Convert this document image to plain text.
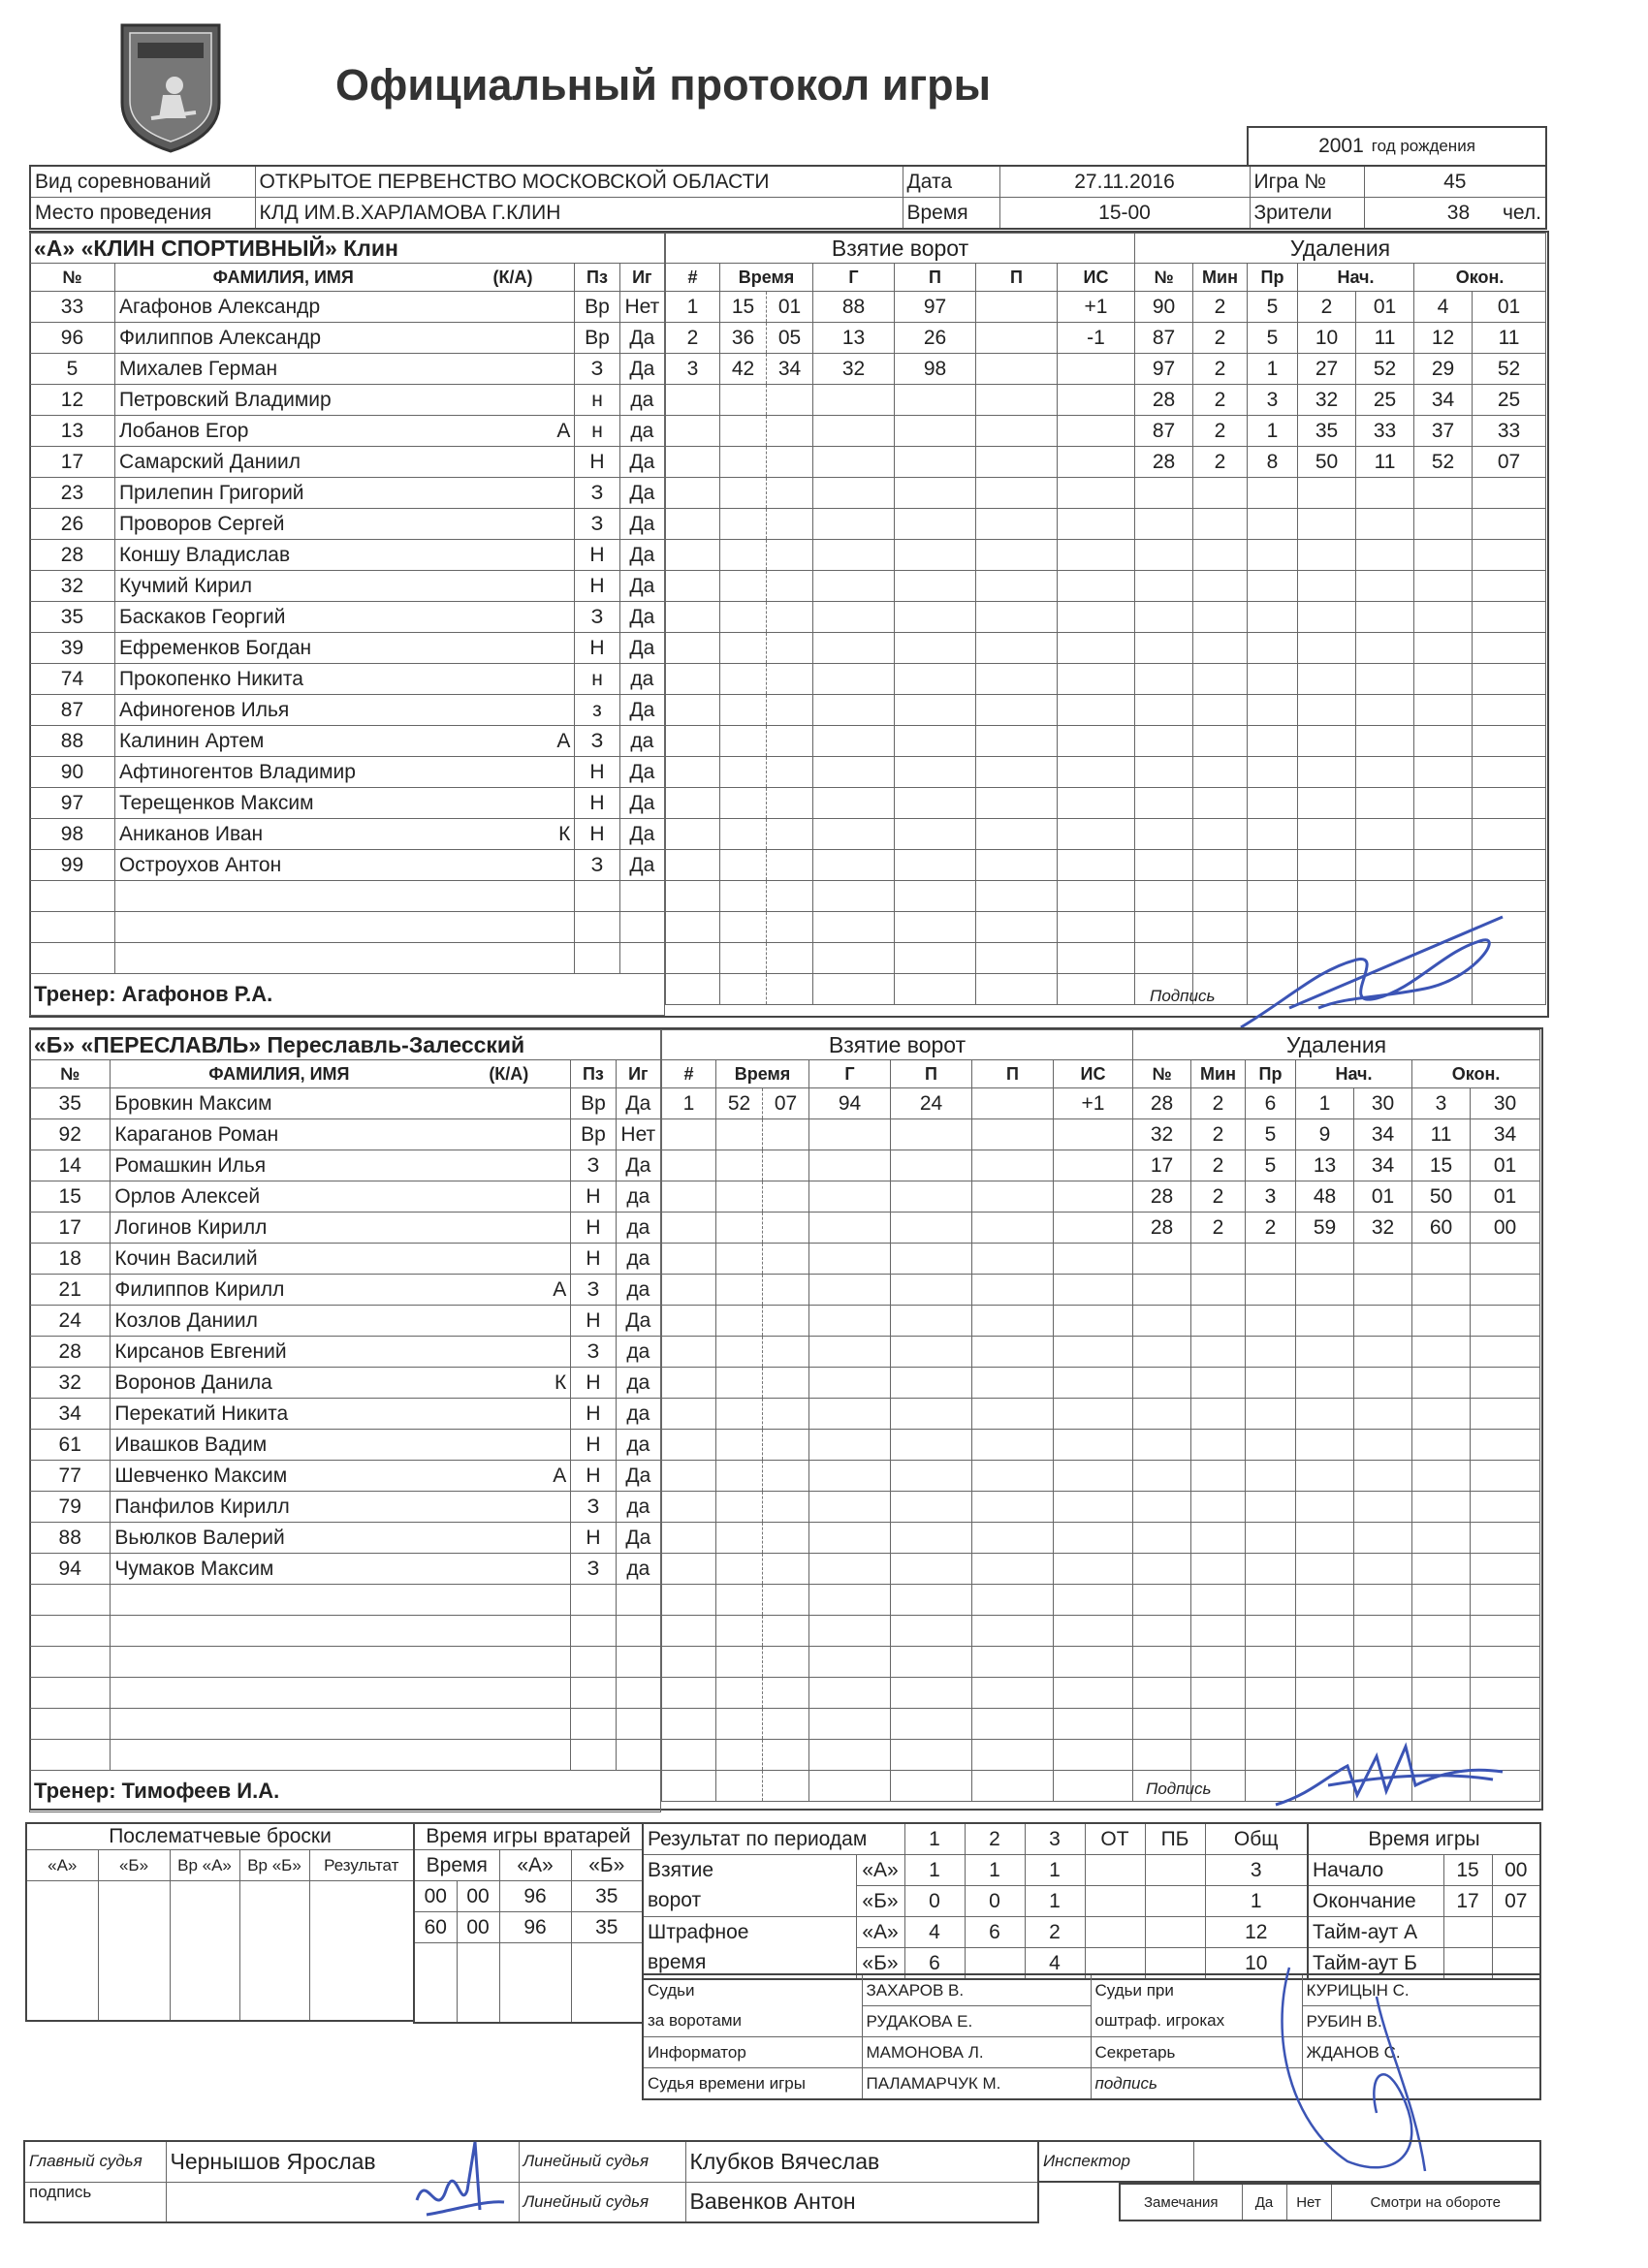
Официальный протокол игры
2001 год рождения
Вид соревнований	ОТКРЫТОЕ ПЕРВЕНСТВО МОСКОВСКОЙ ОБЛАСТИ	Дата	27.11.2016	Игра №	45
Место проведения	КЛД ИМ.В.ХАРЛАМОВА Г.КЛИН	Время	15-00	Зрители	38 чел.
«А» «КЛИН СПОРТИВНЫЙ» Клин				
№	ФАМИЛИЯ, ИМЯ	(К/А)	Пз	Иг
33	Агафонов Александр		Вр	Нет
96	Филиппов Александр		Вр	Да
5	Михалев Герман		З	Да
12	Петровский Владимир		н	да
13	Лобанов Егор	А	н	да
17	Самарский Даниил		Н	Да
23	Прилепин Григорий		З	Да
26	Проворов Сергей		З	Да
28	Коншу Владислав		Н	Да
32	Кучмий Кирил		Н	Да
35	Баскаков Георгий		З	Да
39	Ефременков Богдан		Н	Да
74	Прокопенко Никита		н	да
87	Афиногенов Илья		з	Да
88	Калинин Артем	А	З	да
90	Афтиногентов Владимир		Н	Да
97	Терещенков Максим		Н	Да
98	Аниканов Иван	К	Н	Да
99	Остроухов Антон		З	Да

Тренер: Агафонов Р.А.				
Взятие ворот						
#	Время		Г	П	П	ИС
1	15	01	88	97		+1
2	36	05	13	26		-1
3	42	34	32	98		

Удаления						
№	Мин	Пр	Нач.		Окон.	
90	2	5	2	01	4	01
87	2	5	10	11	12	11
97	2	1	27	52	29	52
28	2	3	32	25	34	25
87	2	1	35	33	37	33
28	2	8	50	11	52	07

Подпись
«Б» «ПЕРЕСЛАВЛЬ» Переславль-Залесский				
№	ФАМИЛИЯ, ИМЯ	(К/А)	Пз	Иг
35	Бровкин Максим		Вр	Да
92	Караганов Роман		Вр	Нет
14	Ромашкин Илья		З	Да
15	Орлов Алексей		Н	да
17	Логинов Кирилл		Н	да
18	Кочин Василий		Н	да
21	Филиппов Кирилл	А	З	да
24	Козлов Даниил		Н	Да
28	Кирсанов Евгений		З	да
32	Воронов Данила	К	Н	да
34	Перекатий Никита		Н	да
61	Ивашков Вадим		Н	да
77	Шевченко Максим	А	Н	Да
79	Панфилов Кирилл		З	да
88	Вьюлков Валерий		Н	Да
94	Чумаков Максим		З	да

Тренер: Тимофеев И.А.				
Взятие ворот						
#	Время		Г	П	П	ИС
1	52	07	94	24		+1

Удаления						
№	Мин	Пр	Нач.		Окон.	
28	2	6	1	30	3	30
32	2	5	9	34	11	34
17	2	5	13	34	15	01
28	2	3	48	01	50	01
28	2	2	59	32	60	00

Подпись
Послематчевые броски				
«А»	«Б»	Вр «А»	Вр «Б»	Результат

Время игры вратарей			
Время		«А»	«Б»
00	00	96	35
60	00	96	35

Результат по периодам		1	2	3	ОТ	ПБ	Общ
Взятие	«А»	1	1	1			3
ворот	«Б»	0	0	1			1
Штрафное	«А»	4	6	2			12
время	«Б»	6		4			10
Время игры		
Начало	15	00
Окончание	17	07
Тайм-аут А		
Тайм-аут Б		
Судьи	ЗАХАРОВ В.	Судьи при	КУРИЦЫН С.
за воротами	РУДАКОВА Е.	оштраф. игроках	РУБИН В.
Информатор	МАМОНОВА Л.	Секретарь	ЖДАНОВ С.
Судья времени игры	ПАЛАМАРЧУК М.	подпись	
Главный судья	Чернышов Ярослав	Линейный судья	Клубков Вячеслав
подпись		Линейный судья	Вавенков Антон
Инспектор	
Замечания	Да	Нет	Смотри на обороте
